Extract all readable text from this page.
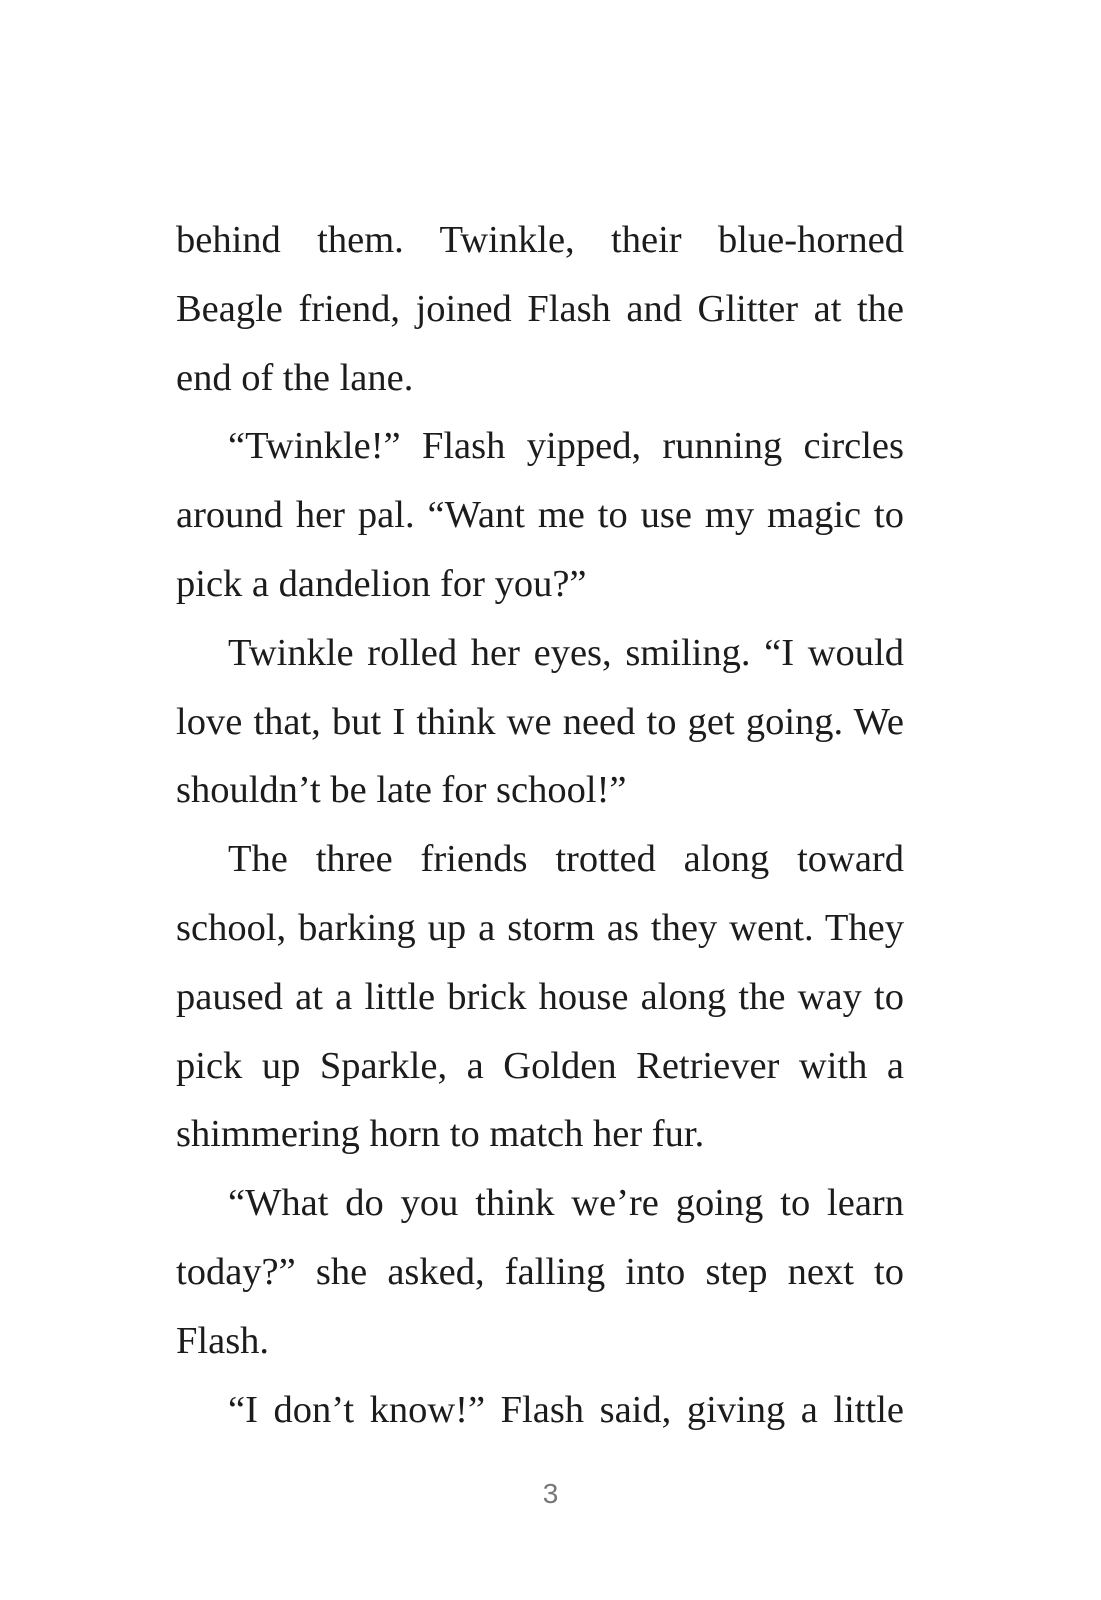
behind them. Twinkle, their blue-horned Beagle friend, joined Flash and Glitter at the end of the lane.

“Twinkle!” Flash yipped, running circles around her pal. “Want me to use my magic to pick a dandelion for you?”

Twinkle rolled her eyes, smiling. “I would love that, but I think we need to get going. We shouldn’t be late for school!”

The three friends trotted along toward school, barking up a storm as they went. They paused at a little brick house along the way to pick up Sparkle, a Golden Retriever with a shimmering horn to match her fur.

“What do you think we’re going to learn today?” she asked, falling into step next to Flash.

“I don’t know!” Flash said, giving a little

3
